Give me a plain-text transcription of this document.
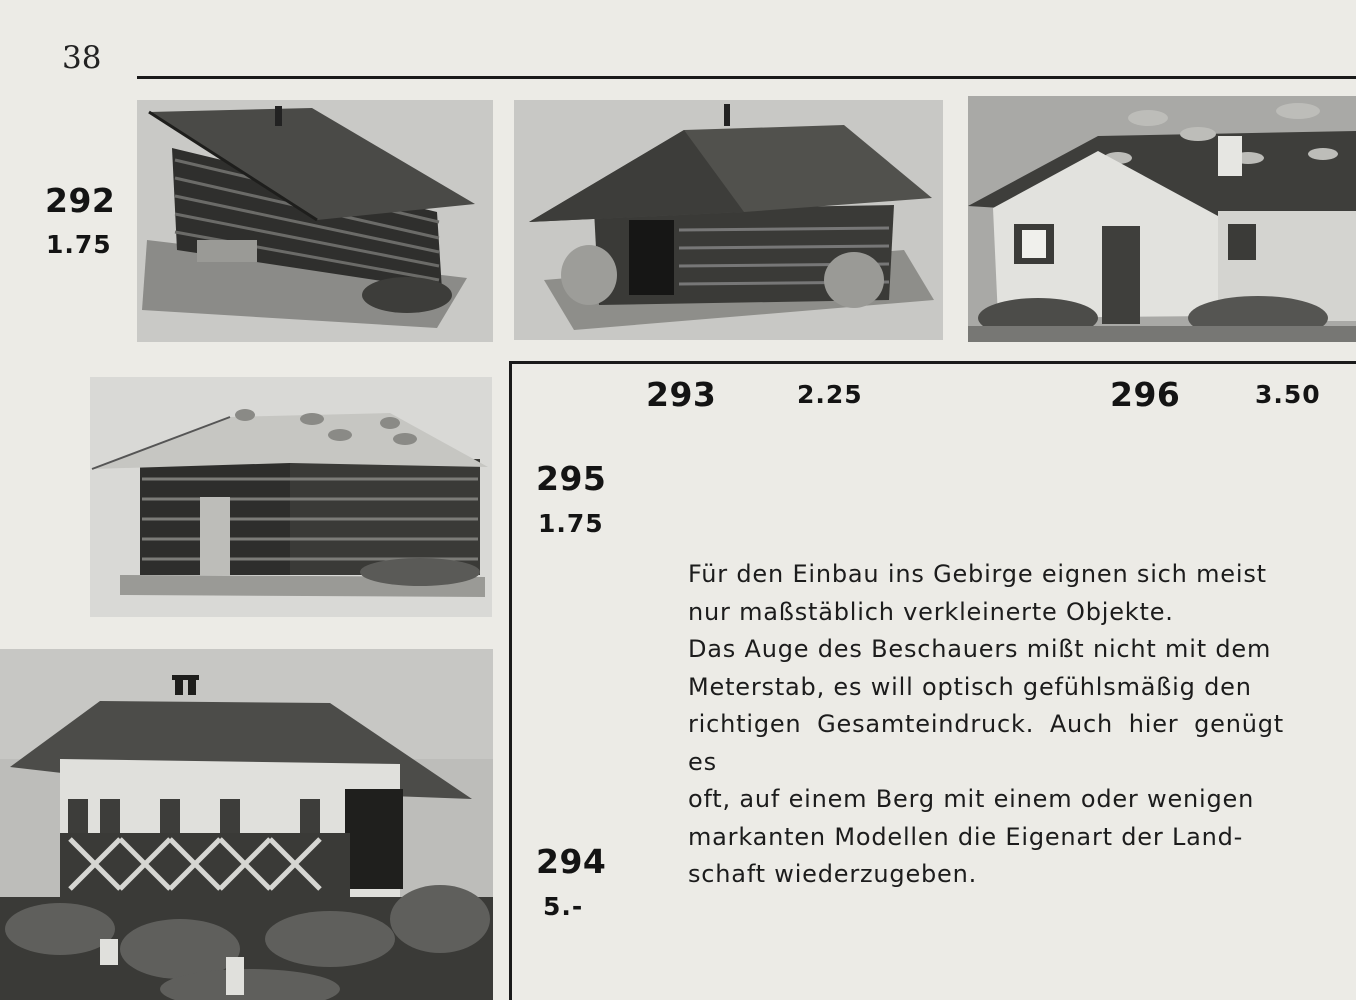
38
292
1.75
293	2.25	296	3.50
295
1.75
294
5.-

Für den Einbau ins Gebirge eignen sich meist
nur maßstäblich verkleinerte Objekte.
Das Auge des Beschauers mißt nicht mit dem
Meterstab, es will optisch gefühlsmäßig den
richtigen Gesamteindruck. Auch hier genügt es
oft, auf einem Berg mit einem oder wenigen
markanten Modellen die Eigenart der Land-
schaft wiederzugeben.
